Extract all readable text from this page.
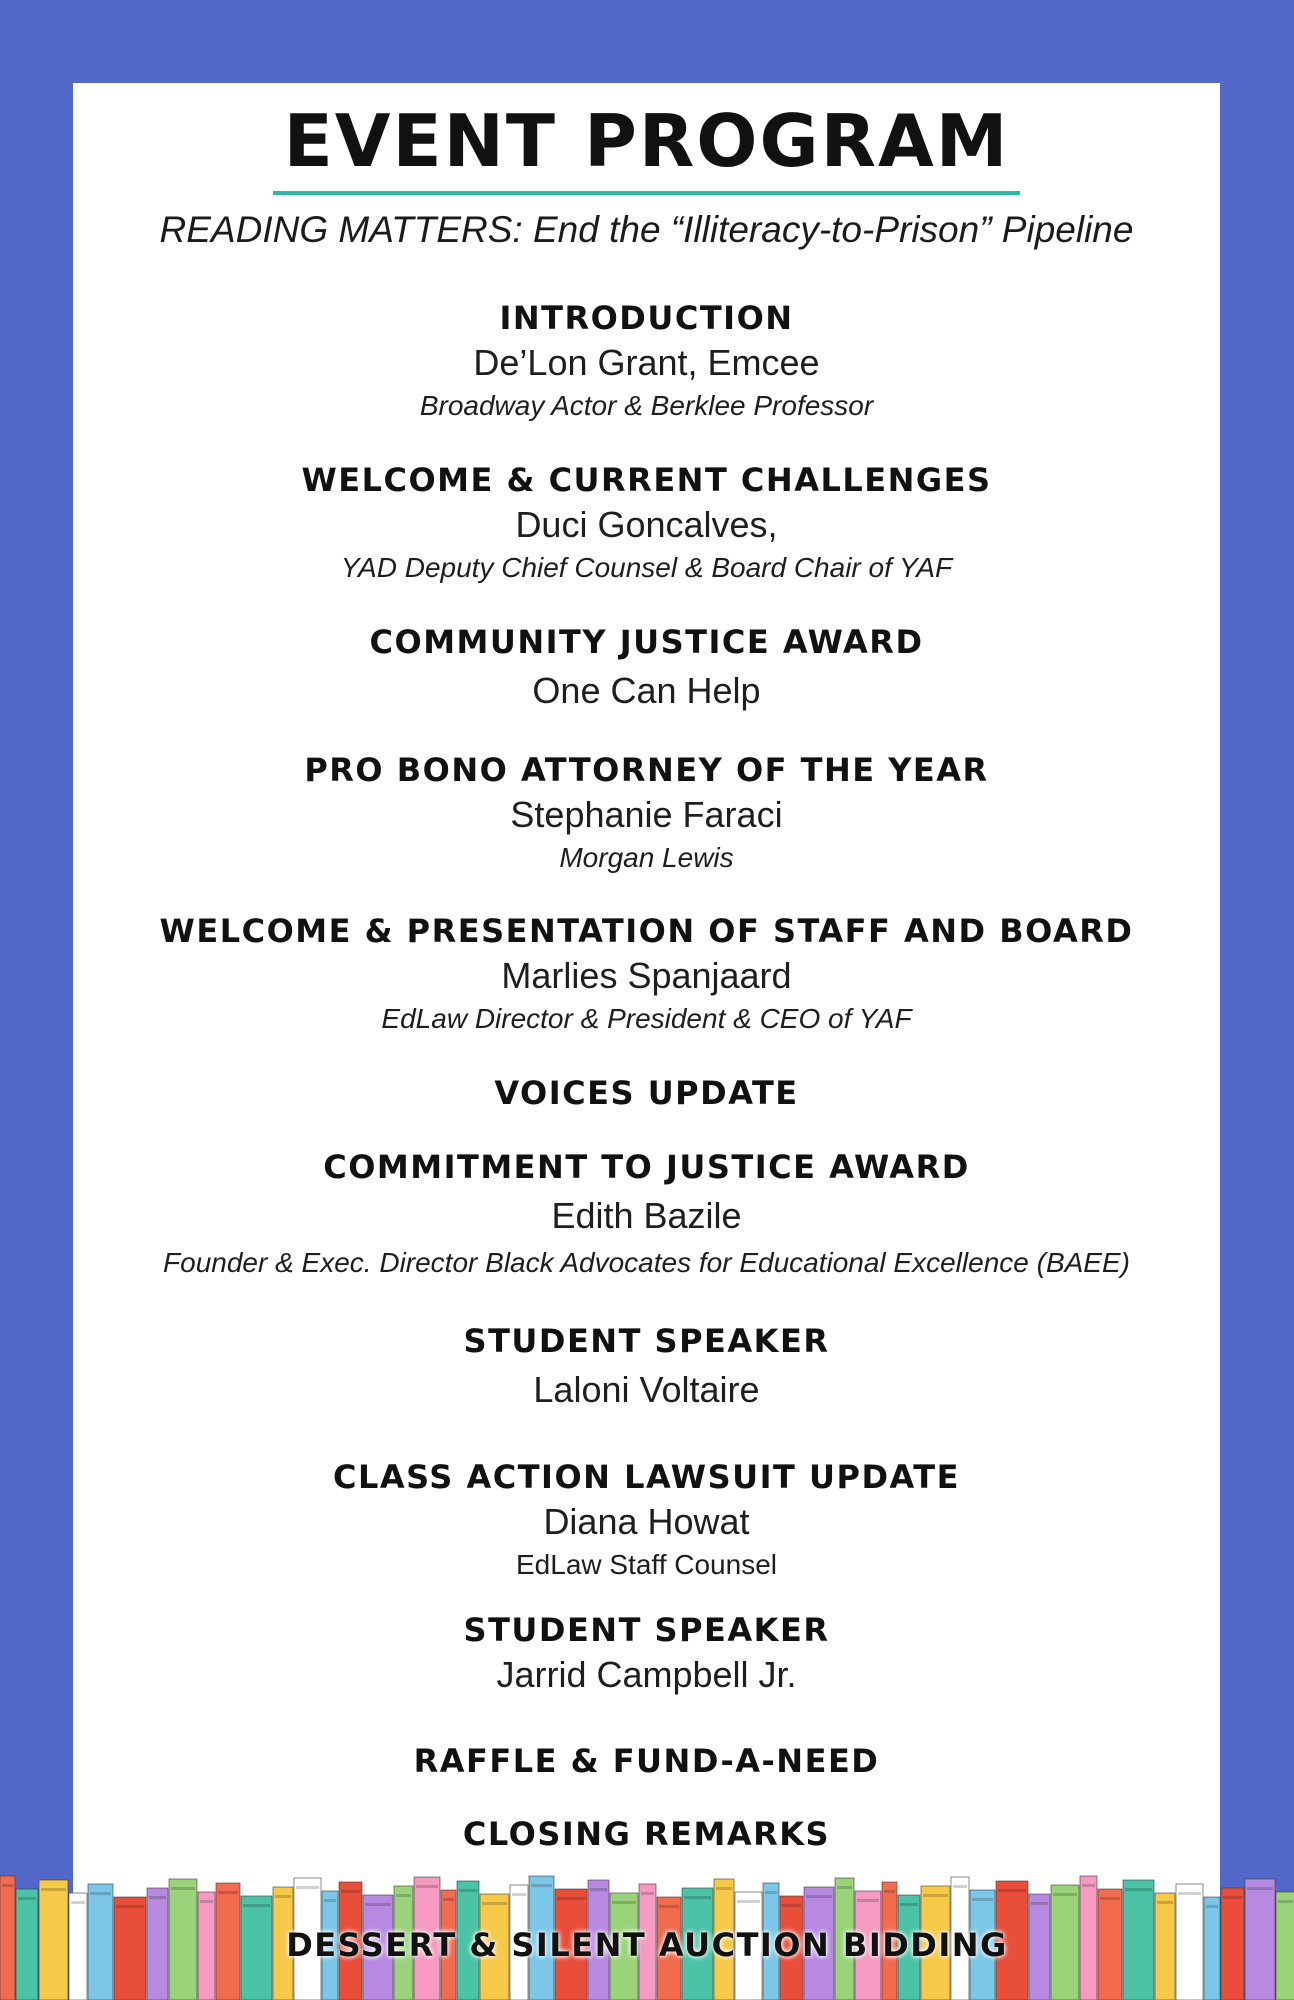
EVENT PROGRAM
READING MATTERS: End the “Illiteracy-to-Prison” Pipeline
INTRODUCTION
De’Lon Grant, Emcee
Broadway Actor & Berklee Professor
WELCOME & CURRENT CHALLENGES
Duci Goncalves,
YAD Deputy Chief Counsel & Board Chair of YAF
COMMUNITY JUSTICE AWARD
One Can Help
PRO BONO ATTORNEY OF THE YEAR
Stephanie Faraci
Morgan Lewis
WELCOME & PRESENTATION OF STAFF AND BOARD
Marlies Spanjaard
EdLaw Director & President & CEO of YAF
VOICES UPDATE
COMMITMENT TO JUSTICE AWARD
Edith Bazile
Founder & Exec. Director Black Advocates for Educational Excellence (BAEE)
STUDENT SPEAKER
Laloni Voltaire
CLASS ACTION LAWSUIT UPDATE
Diana Howat
EdLaw Staff Counsel
STUDENT SPEAKER
Jarrid Campbell Jr.
RAFFLE & FUND-A-NEED
CLOSING REMARKS
DESSERT & SILENT AUCTION BIDDING
